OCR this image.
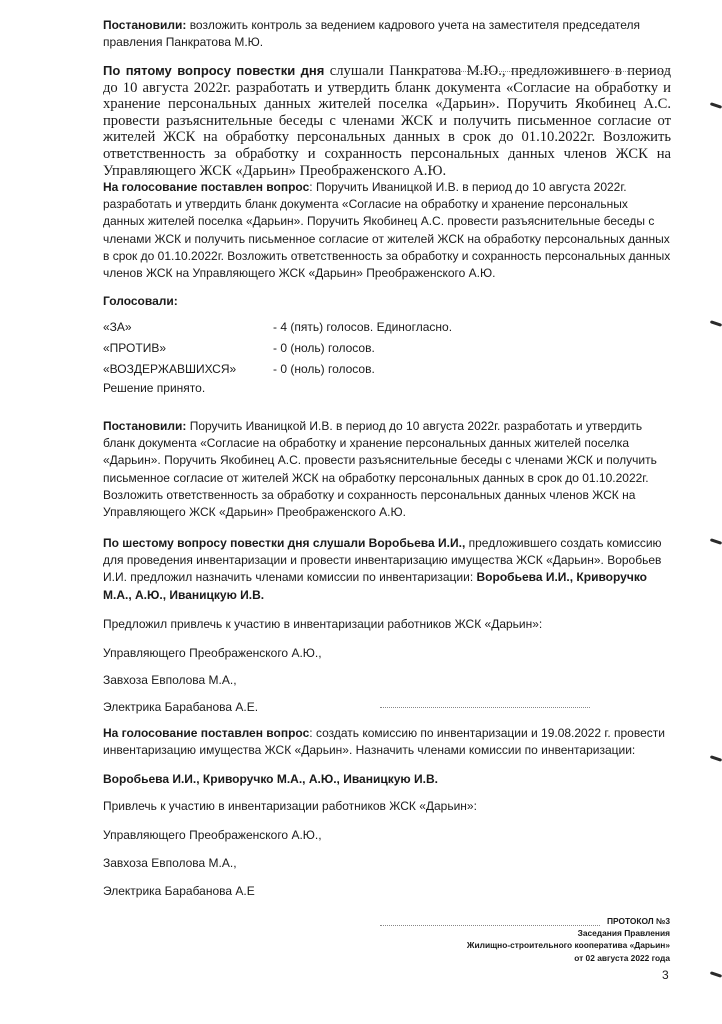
Постановили: возложить контроль за ведением кадрового учета на заместителя председателя правления Панкратова М.Ю.

По пятому вопросу повестки дня слушали Панкратова М.Ю., предложившего в период до 10 августа 2022г. разработать и утвердить бланк документа «Согласие на обработку и хранение персональных данных жителей поселка «Дарьин». Поручить Якобинец А.С. провести разъяснительные беседы с членами ЖСК и получить письменное согласие от жителей ЖСК на обработку персональных данных в срок до 01.10.2022г. Возложить ответственность за обработку и сохранность персональных данных членов ЖСК на Управляющего ЖСК «Дарьин» Преображенского А.Ю.

На голосование поставлен вопрос: Поручить Иваницкой И.В. в период до 10 августа 2022г. разработать и утвердить бланк документа «Согласие на обработку и хранение персональных данных жителей поселка «Дарьин». Поручить Якобинец А.С. провести разъяснительные беседы с членами ЖСК и получить письменное согласие от жителей ЖСК на обработку персональных данных в срок до 01.10.2022г. Возложить ответственность за обработку и сохранность персональных данных членов ЖСК на Управляющего ЖСК «Дарьин» Преображенского А.Ю.

Голосовали:

«ЗА»	- 4 (пять) голосов. Единогласно.
«ПРОТИВ»	- 0 (ноль) голосов.
«ВОЗДЕРЖАВШИХСЯ»	- 0 (ноль) голосов.

Решение принято.

Постановили: Поручить Иваницкой И.В. в период до 10 августа 2022г. разработать и утвердить бланк документа «Согласие на обработку и хранение персональных данных жителей поселка «Дарьин». Поручить Якобинец А.С. провести разъяснительные беседы с членами ЖСК и получить письменное согласие от жителей ЖСК на обработку персональных данных в срок до 01.10.2022г. Возложить ответственность за обработку и сохранность персональных данных членов ЖСК на Управляющего ЖСК «Дарьин» Преображенского А.Ю.

По шестому вопросу повестки дня слушали Воробьева И.И., предложившего создать комиссию для проведения инвентаризации и провести инвентаризацию имущества ЖСК «Дарьин». Воробьев И.И. предложил назначить членами комиссии по инвентаризации: Воробьева И.И., Криворучко М.А., А.Ю., Иваницкую И.В.

Предложил привлечь к участию в инвентаризации работников ЖСК «Дарьин»:

Управляющего Преображенского А.Ю.,

Завхоза Евполова М.А.,

Электрика Барабанова А.Е.

На голосование поставлен вопрос: создать комиссию по инвентаризации и 19.08.2022 г. провести инвентаризацию имущества ЖСК «Дарьин». Назначить членами комиссии по инвентаризации:

Воробьева И.И., Криворучко М.А., А.Ю., Иваницкую И.В.

Привлечь к участию в инвентаризации работников ЖСК «Дарьин»:

Управляющего Преображенского А.Ю.,

Завхоза Евполова М.А.,

Электрика Барабанова А.Е

ПРОТОКОЛ №3
Заседания Правления
Жилищно-строительного кооператива «Дарьин»
от 02 августа 2022 года
3
